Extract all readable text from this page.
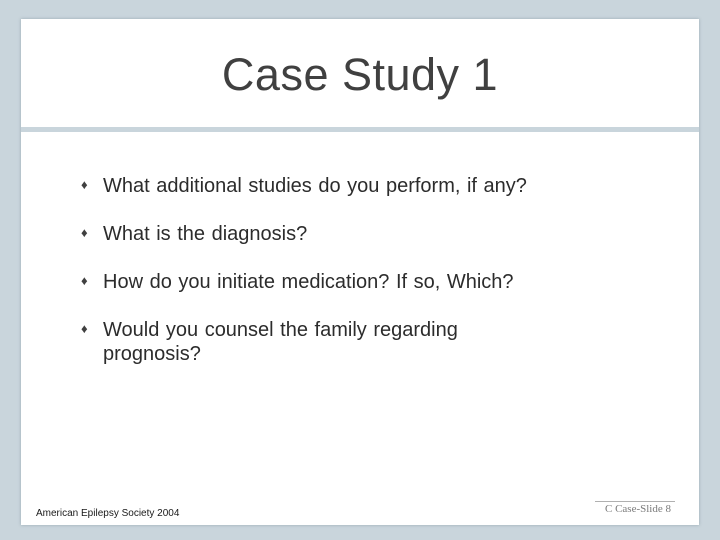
Case Study 1
♦ What additional studies do you perform, if any?
♦ What is the diagnosis?
♦ How do you initiate medication? If so, Which?
♦ Would you counsel the family regarding prognosis?
American Epilepsy Society 2004	C Case-Slide 8
